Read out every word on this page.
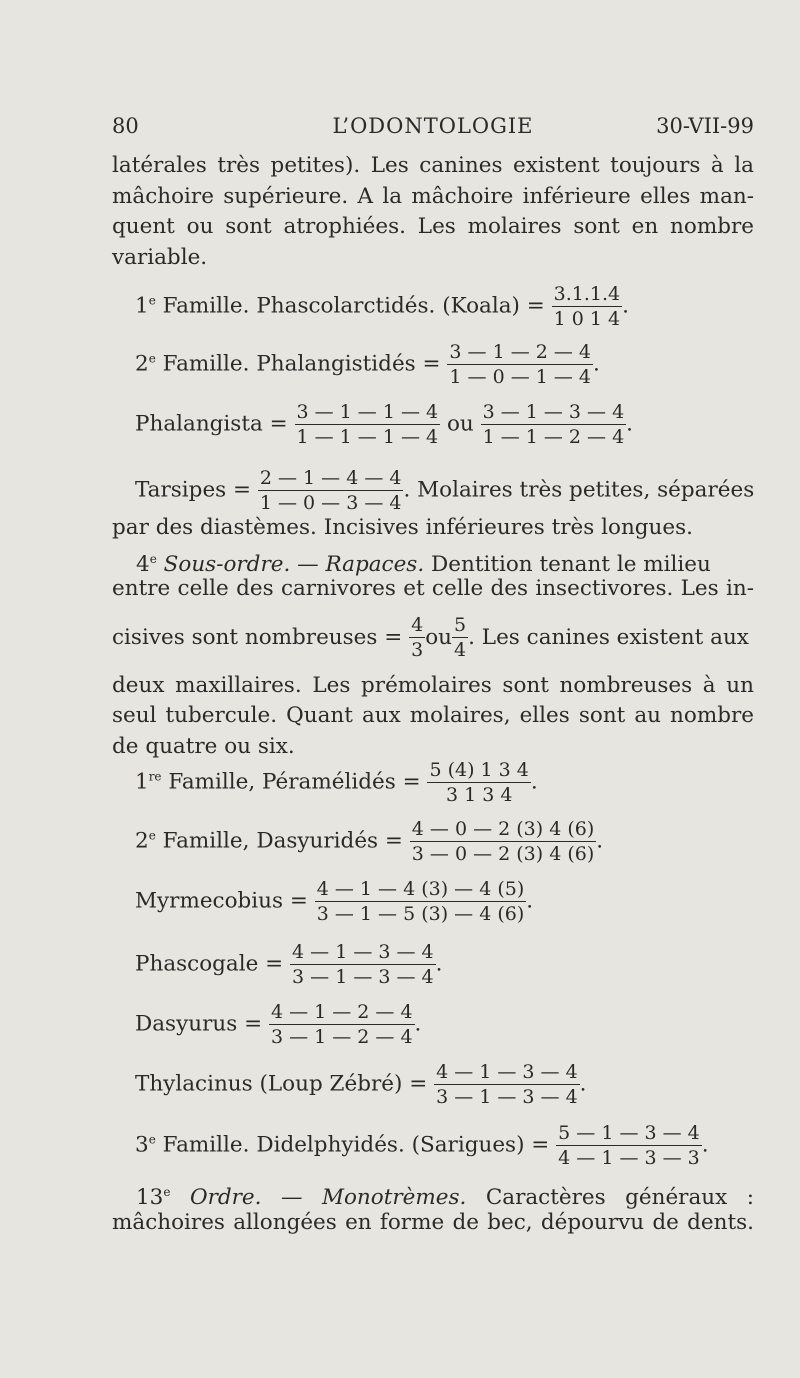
80	L’ODONTOLOGIE	30-VII-99
latérales très petites). Les canines existent toujours à la
mâchoire supérieure. A la mâchoire inférieure elles man-
quent ou sont atrophiées. Les molaires sont en nombre
variable.
1e Famille. Phascolarctidés. (Koala) = $\frac{3.1.1.4}{1 0 1 4}$ .
2e Famille. Phalangistidés = $\frac{3 — 1 — 2 — 4}{1 — 0 — 1 — 4}$ .
Phalangista = $\frac{3 — 1 — 1 — 4}{1 — 1 — 1 — 4}$ ou $\frac{3 — 1 — 3 — 4}{1 — 1 — 2 — 4}$ .
Tarsipes = $\frac{2 — 1 — 4 — 4}{1 — 0 — 3 — 4}$ . Molaires très petites, séparées
par des diastèmes. Incisives inférieures très longues.
4e Sous-ordre. — Rapaces. Dentition tenant le milieu
entre celle des carnivores et celle des insectivores. Les in-
cisives sont nombreuses = $\frac{4}{3}$ ou $\frac{5}{4}$ . Les canines existent aux
deux maxillaires. Les prémolaires sont nombreuses à un
seul tubercule. Quant aux molaires, elles sont au nombre
de quatre ou six.
1re Famille, Péramélidés = $\frac{5 (4) 1 3 4}{3 1 3 4}$ .
2e Famille, Dasyuridés = $\frac{4 — 0 — 2 (3) 4 (6)}{3 — 0 — 2 (3) 4 (6)}$ .
Myrmecobius = $\frac{4 — 1 — 4 (3) — 4 (5)}{3 — 1 — 5 (3) — 4 (6)}$ .
Phascogale = $\frac{4 — 1 — 3 — 4}{3 — 1 — 3 — 4}$ .
Dasyurus = $\frac{4 — 1 — 2 — 4}{3 — 1 — 2 — 4}$ .
Thylacinus (Loup Zébré) = $\frac{4 — 1 — 3 — 4}{3 — 1 — 3 — 4}$ .
3e Famille. Didelphyidés. (Sarigues) = $\frac{5 — 1 — 3 — 4}{4 — 1 — 3 — 3}$ .
13e Ordre. — Monotrèmes. Caractères généraux :
mâchoires allongées en forme de bec, dépourvu de dents.
